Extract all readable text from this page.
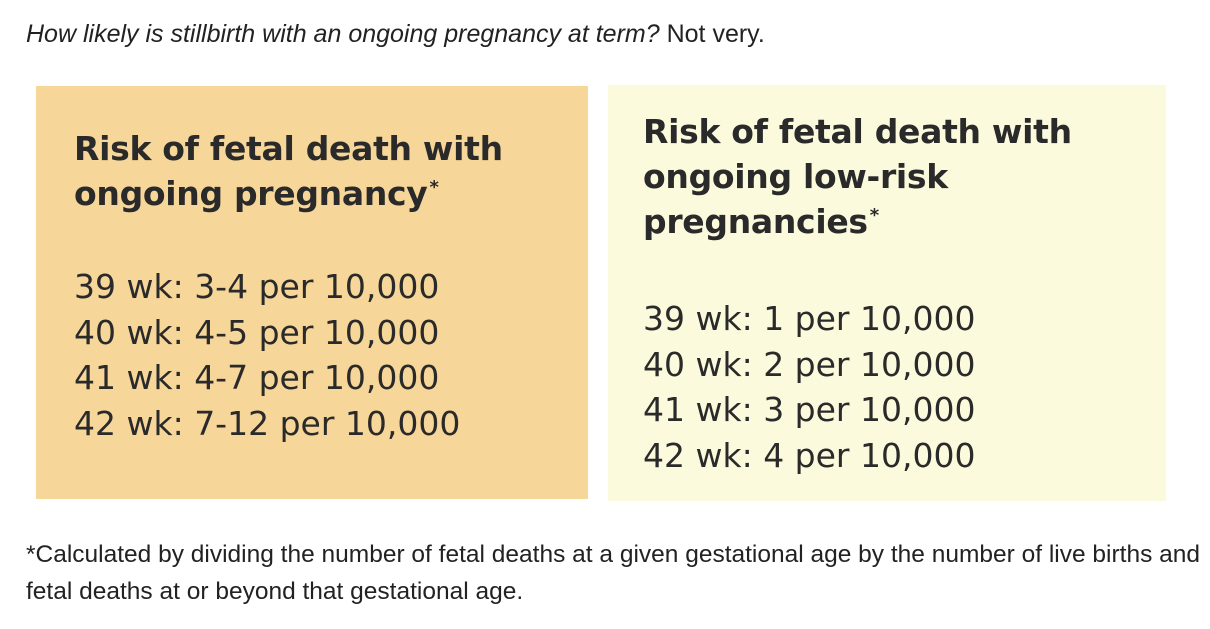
How likely is stillbirth with an ongoing pregnancy at term? Not very.
Risk of fetal death with ongoing pregnancy *
39 wk: 3-4 per 10,000
40 wk: 4-5 per 10,000
41 wk: 4-7 per 10,000
42 wk: 7-12 per 10,000
Risk of fetal death with ongoing low-risk pregnancies *
39 wk: 1 per 10,000
40 wk: 2 per 10,000
41 wk: 3 per 10,000
42 wk: 4 per 10,000
*Calculated by dividing the number of fetal deaths at a given gestational age by the number of live births and fetal deaths at or beyond that gestational age.
